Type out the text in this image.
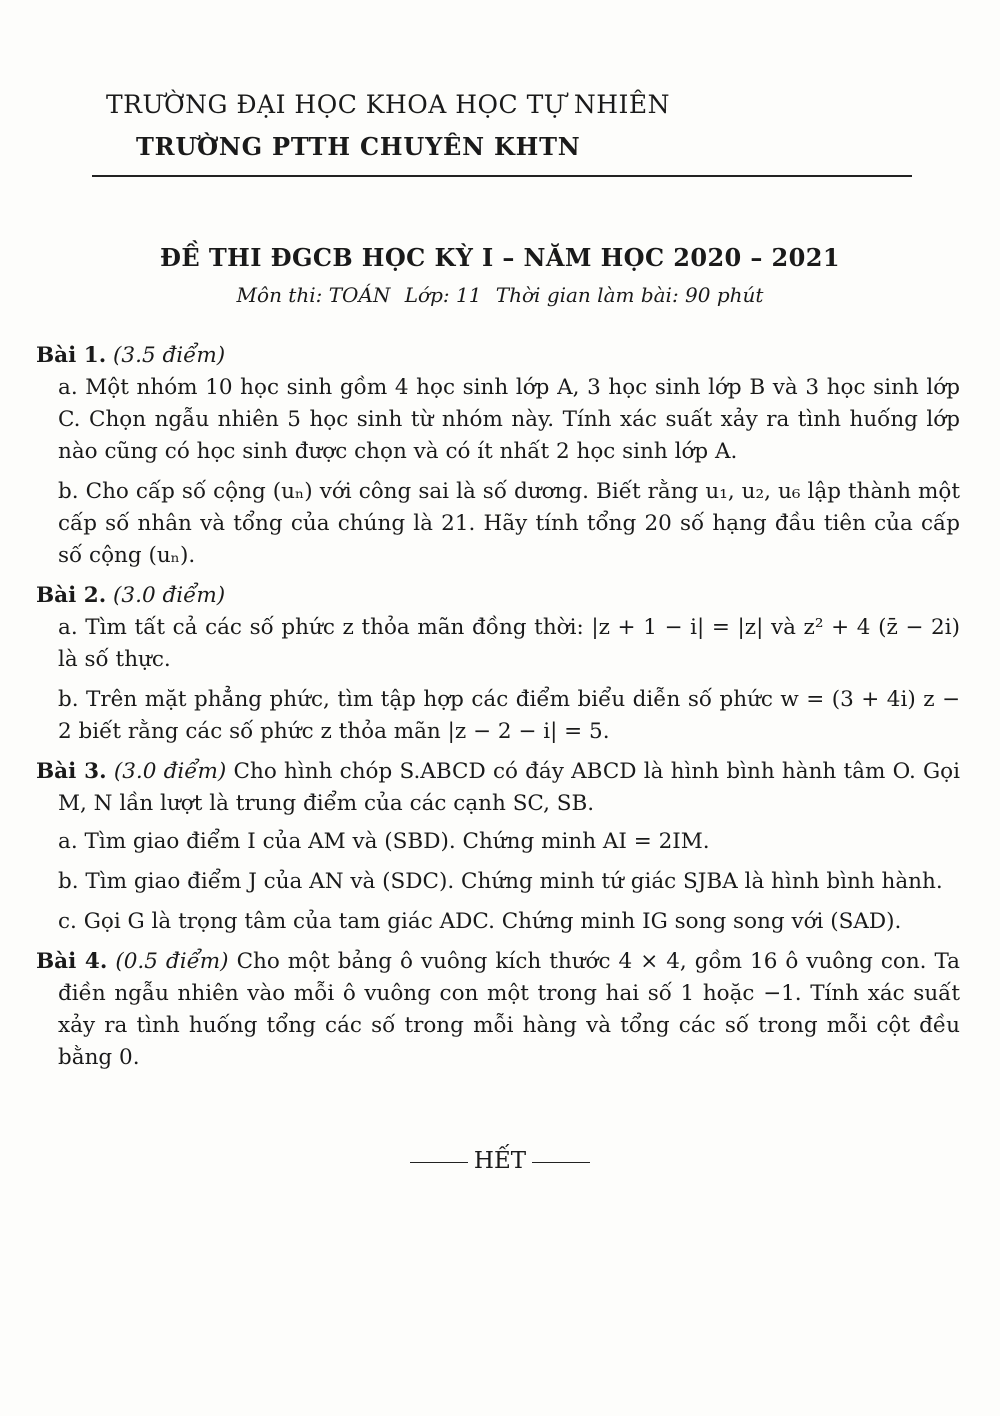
TRƯỜNG ĐẠI HỌC KHOA HỌC TỰ NHIÊN
TRƯỜNG PTTH CHUYÊN KHTN
ĐỀ THI ĐGCB HỌC KỲ I – NĂM HỌC 2020 – 2021
Môn thi: TOÁN Lớp: 11 Thời gian làm bài: 90 phút
Bài 1. (3.5 điểm)
a. Một nhóm 10 học sinh gồm 4 học sinh lớp A, 3 học sinh lớp B và 3 học sinh lớp C. Chọn ngẫu nhiên 5 học sinh từ nhóm này. Tính xác suất xảy ra tình huống lớp nào cũng có học sinh được chọn và có ít nhất 2 học sinh lớp A.
b. Cho cấp số cộng (uₙ) với công sai là số dương. Biết rằng u₁, u₂, u₆ lập thành một cấp số nhân và tổng của chúng là 21. Hãy tính tổng 20 số hạng đầu tiên của cấp số cộng (uₙ).
Bài 2. (3.0 điểm)
a. Tìm tất cả các số phức z thỏa mãn đồng thời: |z + 1 − i| = |z| và z² + 4 (z̄ − 2i) là số thực.
b. Trên mặt phẳng phức, tìm tập hợp các điểm biểu diễn số phức w = (3 + 4i) z − 2 biết rằng các số phức z thỏa mãn |z − 2 − i| = 5.
Bài 3. (3.0 điểm) Cho hình chóp S.ABCD có đáy ABCD là hình bình hành tâm O. Gọi M, N lần lượt là trung điểm của các cạnh SC, SB.
a. Tìm giao điểm I của AM và (SBD). Chứng minh AI = 2IM.
b. Tìm giao điểm J của AN và (SDC). Chứng minh tứ giác SJBA là hình bình hành.
c. Gọi G là trọng tâm của tam giác ADC. Chứng minh IG song song với (SAD).
Bài 4. (0.5 điểm) Cho một bảng ô vuông kích thước 4 × 4, gồm 16 ô vuông con. Ta điền ngẫu nhiên vào mỗi ô vuông con một trong hai số 1 hoặc −1. Tính xác suất xảy ra tình huống tổng các số trong mỗi hàng và tổng các số trong mỗi cột đều bằng 0.
HẾT
